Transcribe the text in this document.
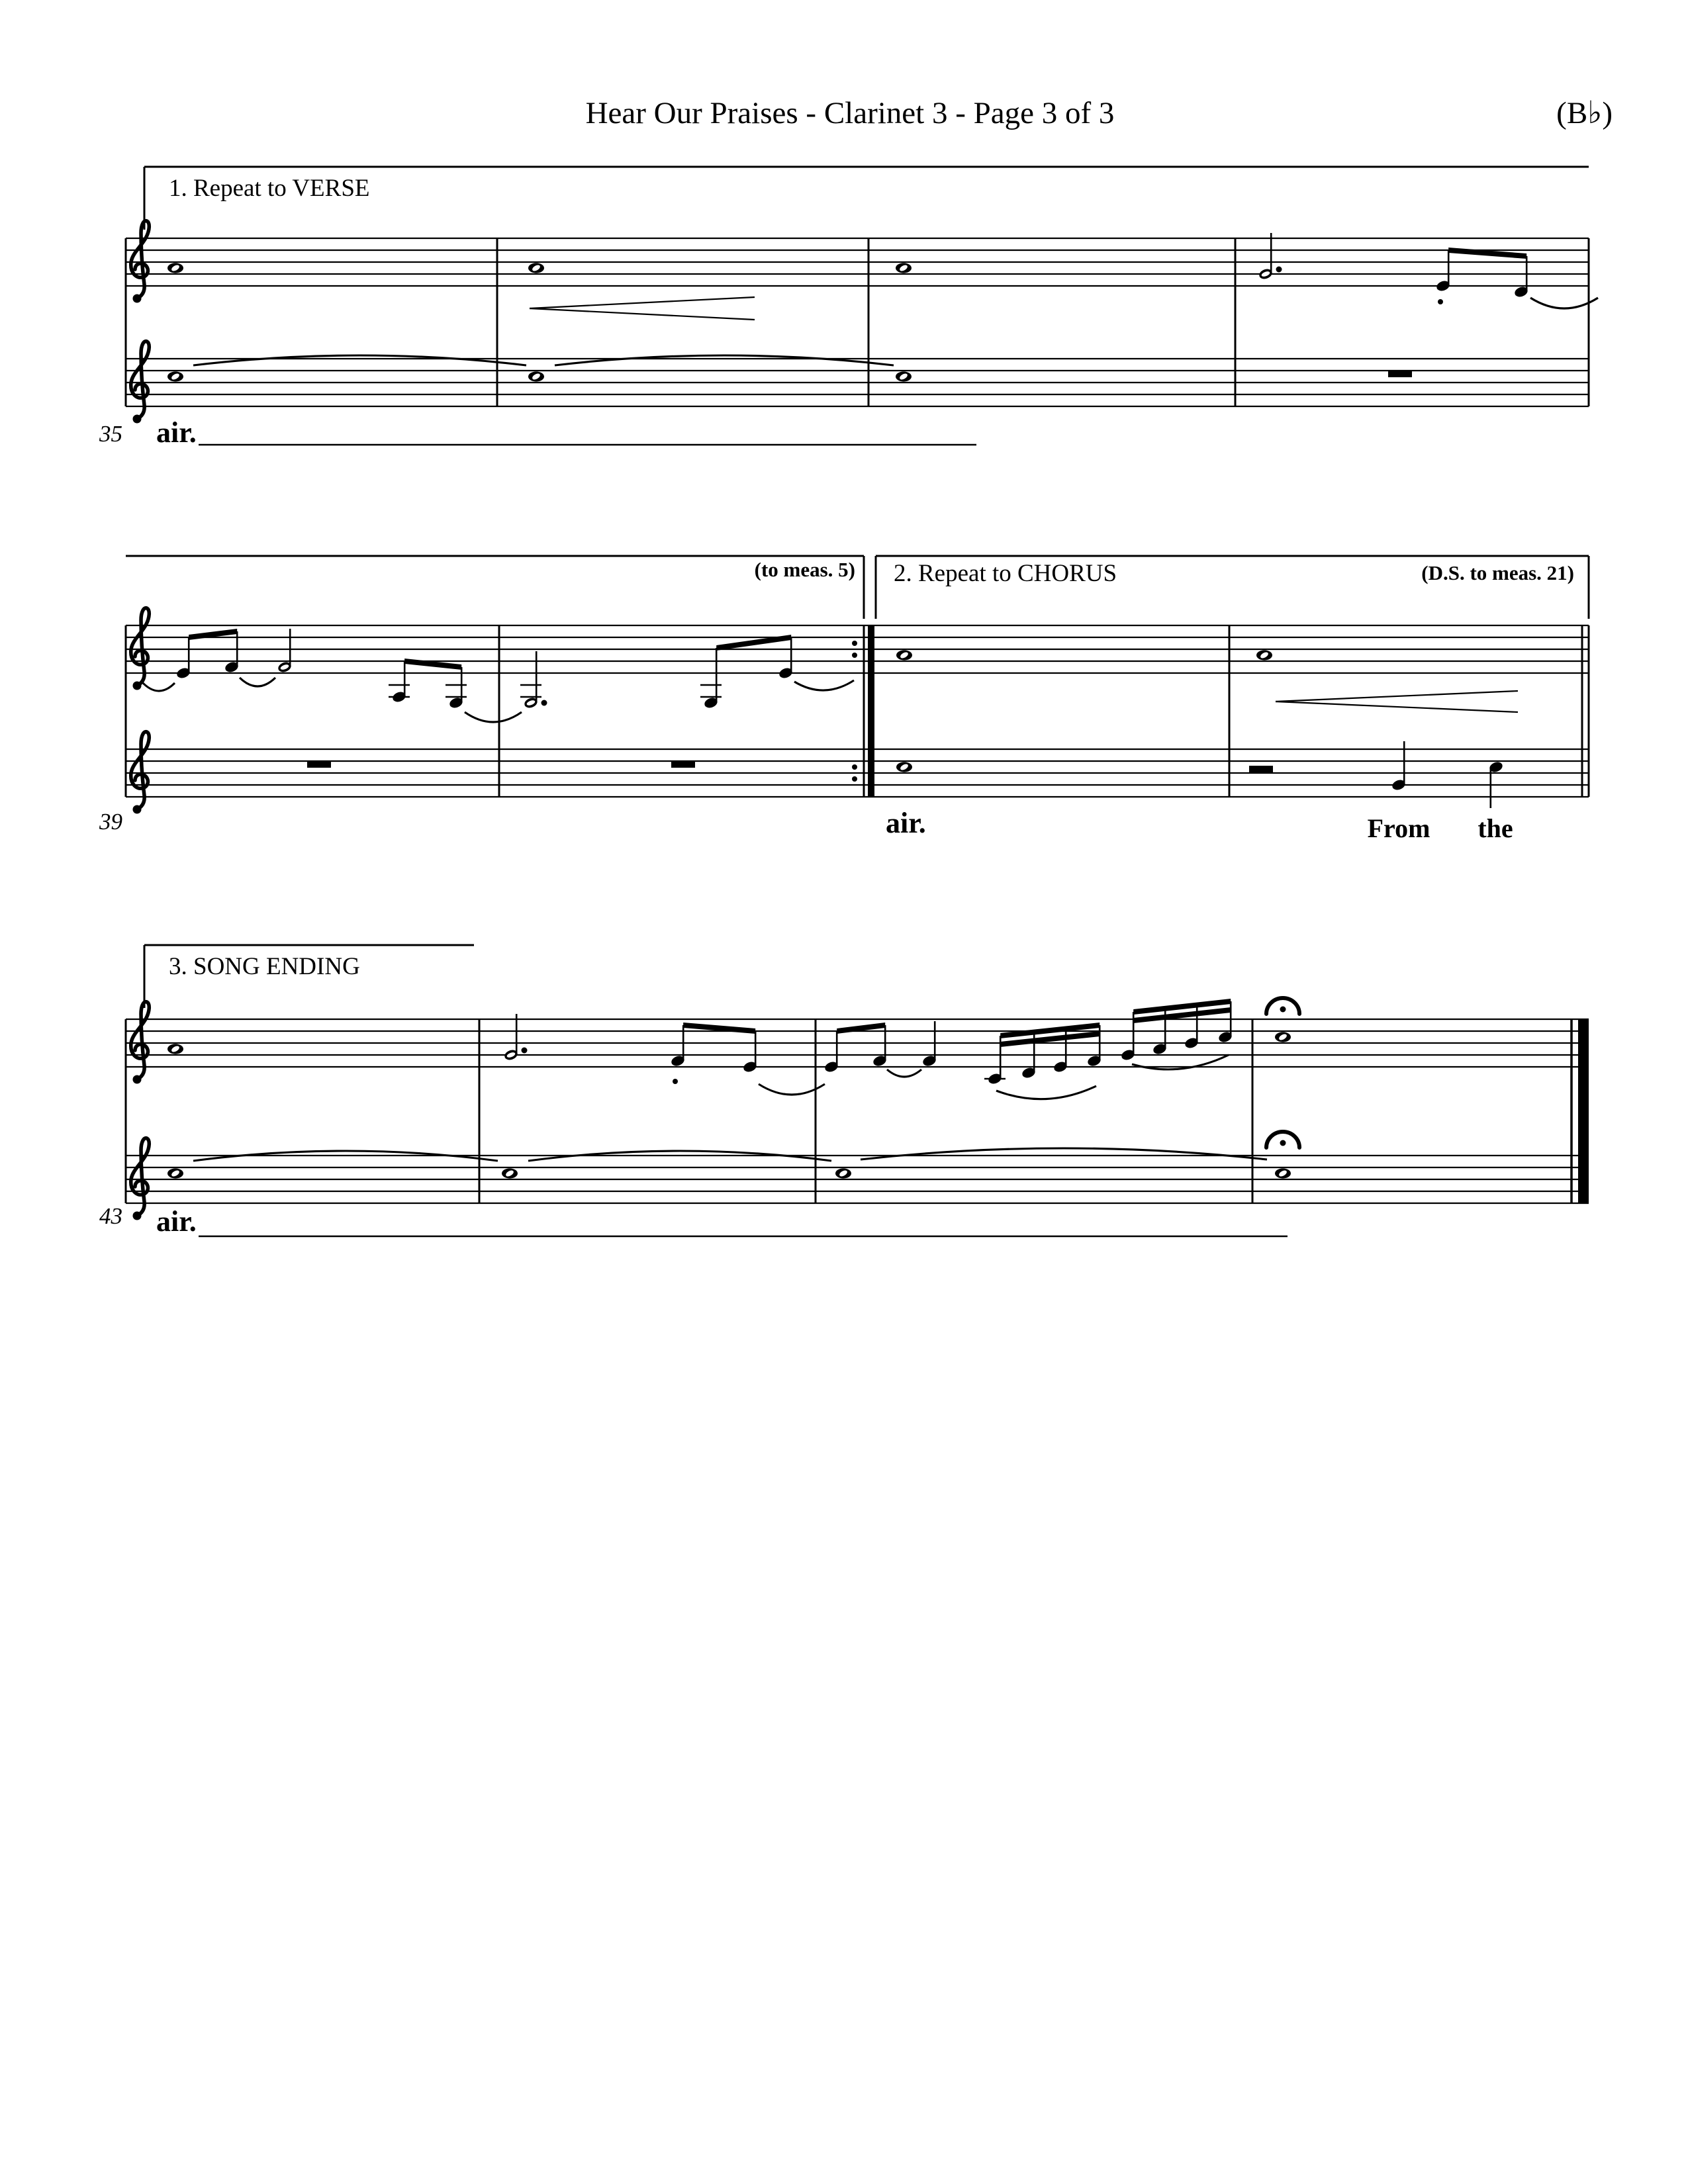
Hear Our Praises - Clarinet 3 - Page 3 of 3	(B♭)
1. Repeat to VERSE
(to meas. 5) 2. Repeat to CHORUS	(D.S. to meas. 21)
3. SONG ENDING
35
39
43
air.
air.	From the
air.
